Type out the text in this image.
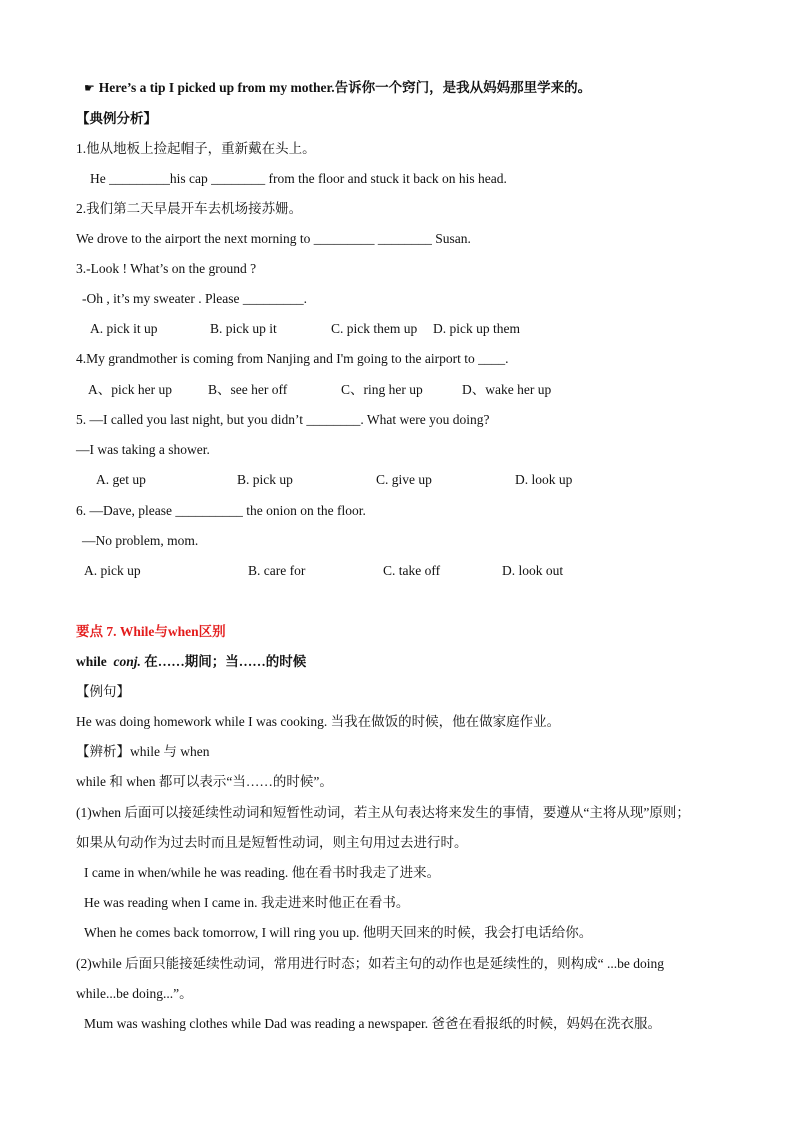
☛ Here’s a tip I picked up from my mother.告诉你一个窍门，是我从妈妈那里学来的。
【典例分析】
1.他从地板上捡起帽子，重新戴在头上。
He _________his cap ________ from the floor and stuck it back on his head.
2.我们第二天早晨开车去机场接苏姗。
We drove to the airport the next morning to _________ ________ Susan.
3.-Look ! What’s on the ground ?
-Oh , it’s my sweater . Please _________.
A. pick it up	B. pick up it	C. pick them up D. pick up them
4.My grandmother is coming from Nanjing and I'm going to the airport to ____.
A、pick her up	B、see her off	C、ring her up	D、wake her up
5. —I called you last night, but you didn’t ________. What were you doing?
—I was taking a shower.
A. get up	B. pick up	C. give up	D. look up
6. —Dave, please __________ the onion on the floor.
—No problem, mom.
A. pick up	B. care for	C. take off	D. look out
要点 7. While与when区别
while conj. 在……期间；当……的时候
【例句】
He was doing homework while I was cooking. 当我在做饭的时候，他在做家庭作业。
【辨析】while 与 when
while 和 when 都可以表示“当……的时候”。
(1)when 后面可以接延续性动词和短暂性动词，若主从句表达将来发生的事情，要遵从“主将从现”原则；
如果从句动作为过去时而且是短暂性动词，则主句用过去进行时。
I came in when/while he was reading. 他在看书时我走了进来。
He was reading when I came in. 我走进来时他正在看书。
When he comes back tomorrow, I will ring you up. 他明天回来的时候，我会打电话给你。
(2)while 后面只能接延续性动词，常用进行时态；如若主句的动作也是延续性的，则构成“ ...be doing
while...be doing...”。
Mum was washing clothes while Dad was reading a newspaper. 爸爸在看报纸的时候，妈妈在洗衣服。
